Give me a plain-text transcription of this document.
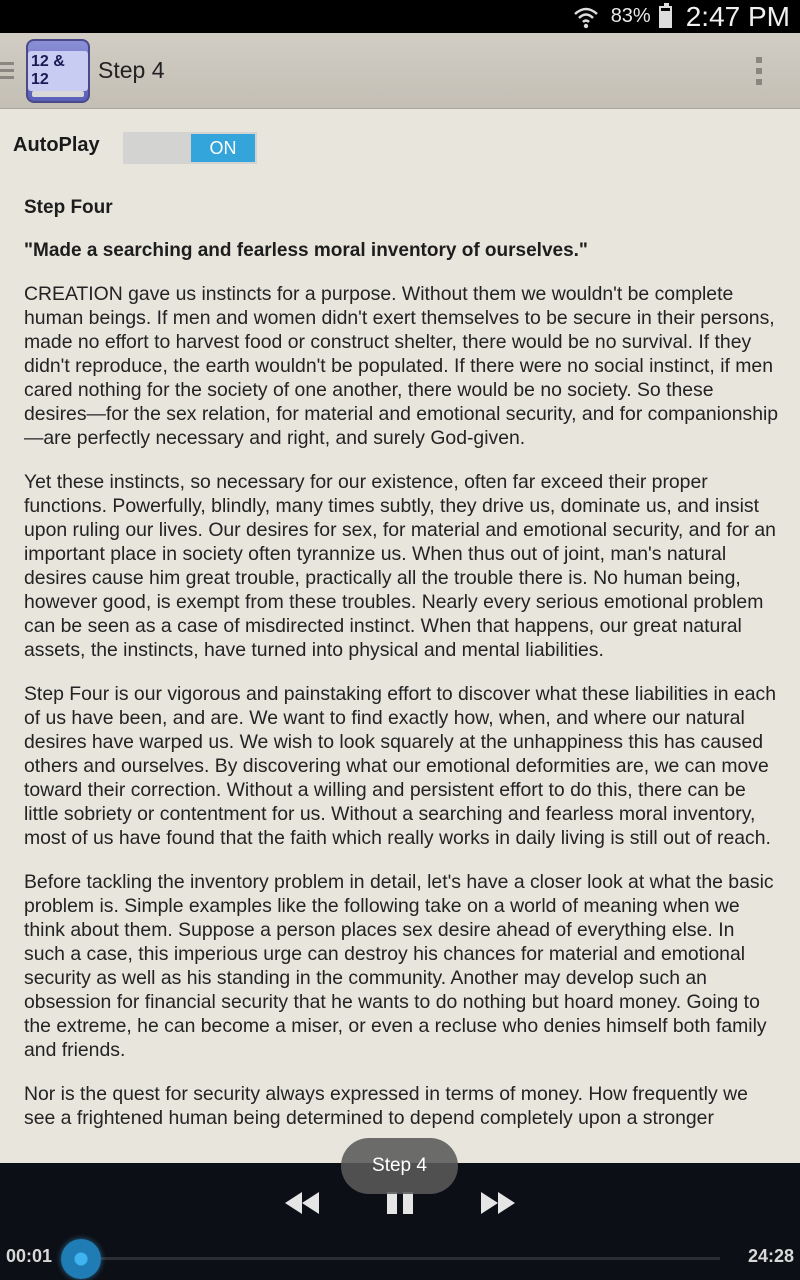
83% 2:47 PM
12 & 12	Step 4
AutoPlay	ON
Step Four
"Made a searching and fearless moral inventory of ourselves."

CREATION gave us instincts for a purpose. Without them we wouldn't be complete human beings. If men and women didn't exert themselves to be secure in their persons, made no effort to harvest food or construct shelter, there would be no survival. If they didn't reproduce, the earth wouldn't be populated. If there were no social instinct, if men cared nothing for the society of one another, there would be no society. So these desires—for the sex relation, for material and emotional security, and for companionship—are perfectly necessary and right, and surely God-given.

Yet these instincts, so necessary for our existence, often far exceed their proper functions. Powerfully, blindly, many times subtly, they drive us, dominate us, and insist upon ruling our lives. Our desires for sex, for material and emotional security, and for an important place in society often tyrannize us. When thus out of joint, man's natural desires cause him great trouble, practically all the trouble there is. No human being, however good, is exempt from these troubles. Nearly every serious emotional problem can be seen as a case of misdirected instinct. When that happens, our great natural assets, the instincts, have turned into physical and mental liabilities.

Step Four is our vigorous and painstaking effort to discover what these liabilities in each of us have been, and are. We want to find exactly how, when, and where our natural desires have warped us. We wish to look squarely at the unhappiness this has caused others and ourselves. By discovering what our emotional deformities are, we can move toward their correction. Without a willing and persistent effort to do this, there can be little sobriety or contentment for us. Without a searching and fearless moral inventory, most of us have found that the faith which really works in daily living is still out of reach.

Before tackling the inventory problem in detail, let's have a closer look at what the basic problem is. Simple examples like the following take on a world of meaning when we think about them. Suppose a person places sex desire ahead of everything else. In such a case, this imperious urge can destroy his chances for material and emotional security as well as his standing in the community. Another may develop such an obsession for financial security that he wants to do nothing but hoard money. Going to the extreme, he can become a miser, or even a recluse who denies himself both family and friends.

Nor is the quest for security always expressed in terms of money. How frequently we see a frightened human being determined to depend completely upon a stronger

00:01	24:28
Step 4
